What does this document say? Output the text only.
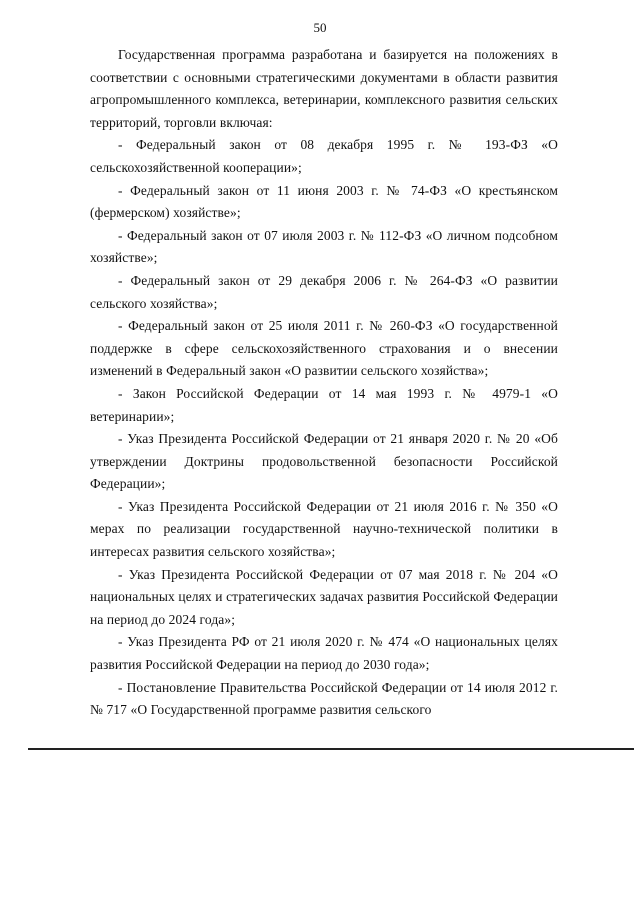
50

Государственная программа разработана и базируется на положениях в соответствии с основными стратегическими документами в области развития агропромышленного комплекса, ветеринарии, комплексного развития сельских территорий, торговли включая:

- Федеральный закон от 08 декабря 1995 г. № 193-ФЗ «О сельскохозяйственной кооперации»;

- Федеральный закон от 11 июня 2003 г. № 74-ФЗ «О крестьянском (фермерском) хозяйстве»;

- Федеральный закон от 07 июля 2003 г. № 112-ФЗ «О личном подсобном хозяйстве»;

- Федеральный закон от 29 декабря 2006 г. № 264-ФЗ «О развитии сельского хозяйства»;

- Федеральный закон от 25 июля 2011 г. № 260-ФЗ «О государственной поддержке в сфере сельскохозяйственного страхования и о внесении изменений в Федеральный закон «О развитии сельского хозяйства»;

- Закон Российской Федерации от 14 мая 1993 г. № 4979-1 «О ветеринарии»;

- Указ Президента Российской Федерации от 21 января 2020 г. № 20 «Об утверждении Доктрины продовольственной безопасности Российской Федерации»;

- Указ Президента Российской Федерации от 21 июля 2016 г. № 350 «О мерах по реализации государственной научно-технической политики в интересах развития сельского хозяйства»;

- Указ Президента Российской Федерации от 07 мая 2018 г. № 204 «О национальных целях и стратегических задачах развития Российской Федерации на период до 2024 года»;

- Указ Президента РФ от 21 июля 2020 г. № 474 «О национальных целях развития Российской Федерации на период до 2030 года»;

- Постановление Правительства Российской Федерации от 14 июля 2012 г. № 717 «О Государственной программе развития сельского
